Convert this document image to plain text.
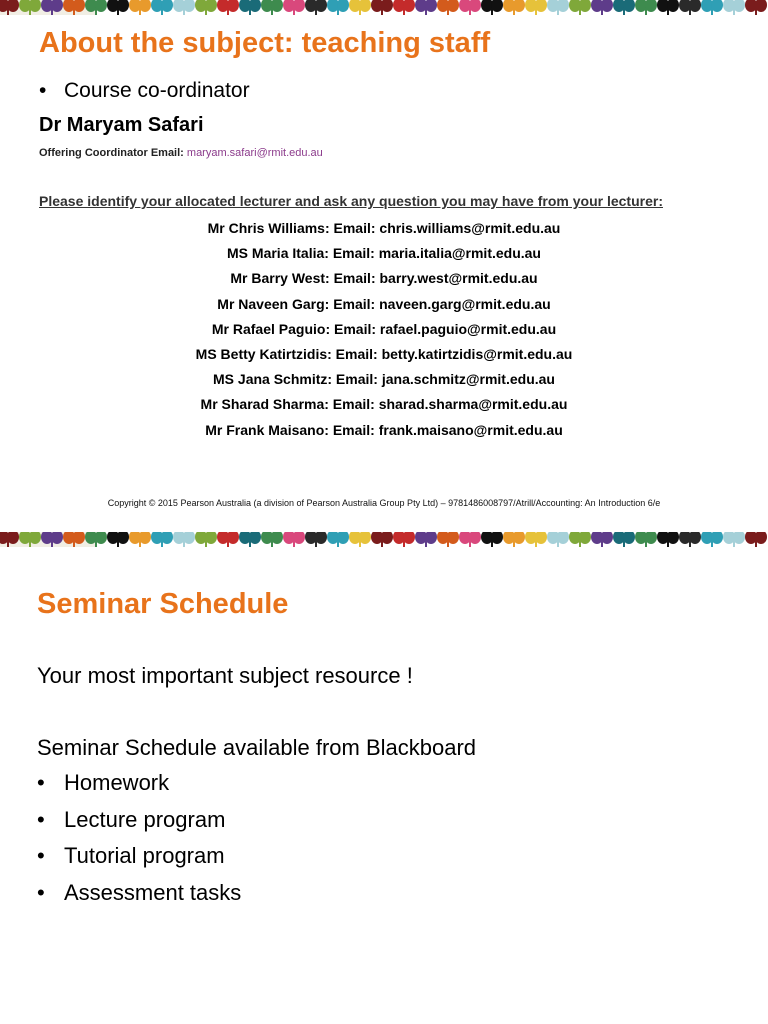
About the subject: teaching staff
• Course co-ordinator
Dr Maryam Safari
Offering Coordinator Email: maryam.safari@rmit.edu.au
Please identify your allocated lecturer and ask any question you may have from your lecturer:
Mr Chris Williams: Email: chris.williams@rmit.edu.au
MS Maria Italia: Email: maria.italia@rmit.edu.au
Mr Barry West: Email: barry.west@rmit.edu.au
Mr Naveen Garg: Email: naveen.garg@rmit.edu.au
Mr Rafael Paguio: Email: rafael.paguio@rmit.edu.au
MS Betty Katirtzidis: Email: betty.katirtzidis@rmit.edu.au
MS Jana Schmitz: Email: jana.schmitz@rmit.edu.au
Mr Sharad Sharma: Email: sharad.sharma@rmit.edu.au
Mr Frank Maisano: Email: frank.maisano@rmit.edu.au
Copyright © 2015 Pearson Australia (a division of Pearson Australia Group Pty Ltd) – 9781486008797/Atrill/Accounting: An Introduction 6/e
Seminar Schedule
Your most important subject resource !
Seminar Schedule available from Blackboard
• Homework
• Lecture program
• Tutorial program
• Assessment tasks
